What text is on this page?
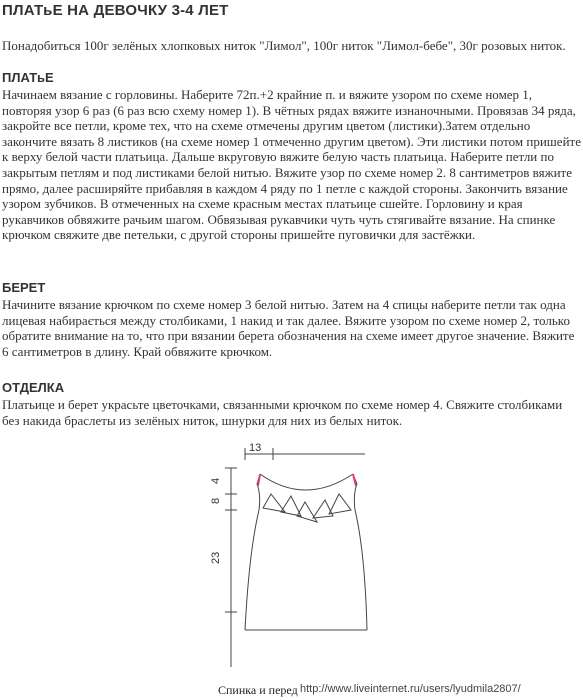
ПЛАТьЕ НА ДЕВОЧКУ 3-4 ЛЕТ
Понадобиться 100г зелёных хлопковых ниток "Лимол", 100г ниток "Лимол-бебе", 30г розовых ниток.
ПЛАТьЕ

Начинаем вязание с горловины. Наберите 72п.+2 крайние п. и вяжите узором по схеме номер 1, повторяя узор 6 раз (6 раз всю схему номер 1). В чётных рядах вяжите изнаночными. Провязав 34 ряда, закройте все петли, кроме тех, что на схеме отмечены другим цветом (листики).Затем отдельно закончите вязать 8 листиков (на схеме номер 1 отмеченно другим цветом). Эти листики потом пришейте к верху белой части платьица. Дальше вкруговую вяжите белую часть платьица. Наберите петли по закрытым петлям и под листиками белой нитью. Вяжите узор по схеме номер 2. 8 сантиметров вяжите прямо, далее расширяйте прибавляя в каждом 4 ряду по 1 петле с каждой стороны. Закончить вязание узором зубчиков. В отмеченных на схеме красным местах платьице сшейте. Горловину и края рукавчиков обвяжите рачьим шагом. Обвязывая рукавчики чуть чуть стягивайте вязание. На спинке крючком свяжите две петельки, с другой стороны пришейте пуговички для застёжки.

БЕРЕТ

Начините вязание крючком по схеме номер 3 белой нитью. Затем на 4 спицы наберите петли так одна лицевая набирається между столбиками, 1 накид и так далее. Вяжите узором по схеме номер 2, только обратите внимание на то, что при вязании берета обозначения на схеме имеет другое значение. Вяжите 6 сантиметров в длину. Край обвяжите крючком.

ОТДЕЛКА

Платьице и берет украсьте цветочками, связанными крючком по схеме номер 4. Свяжите столбиками без накида браслеты из зелёных ниток, шнурки для них из белых ниток.

13
4
8
23
Спинка и перед http://www.liveinternet.ru/users/lyudmila2807/
